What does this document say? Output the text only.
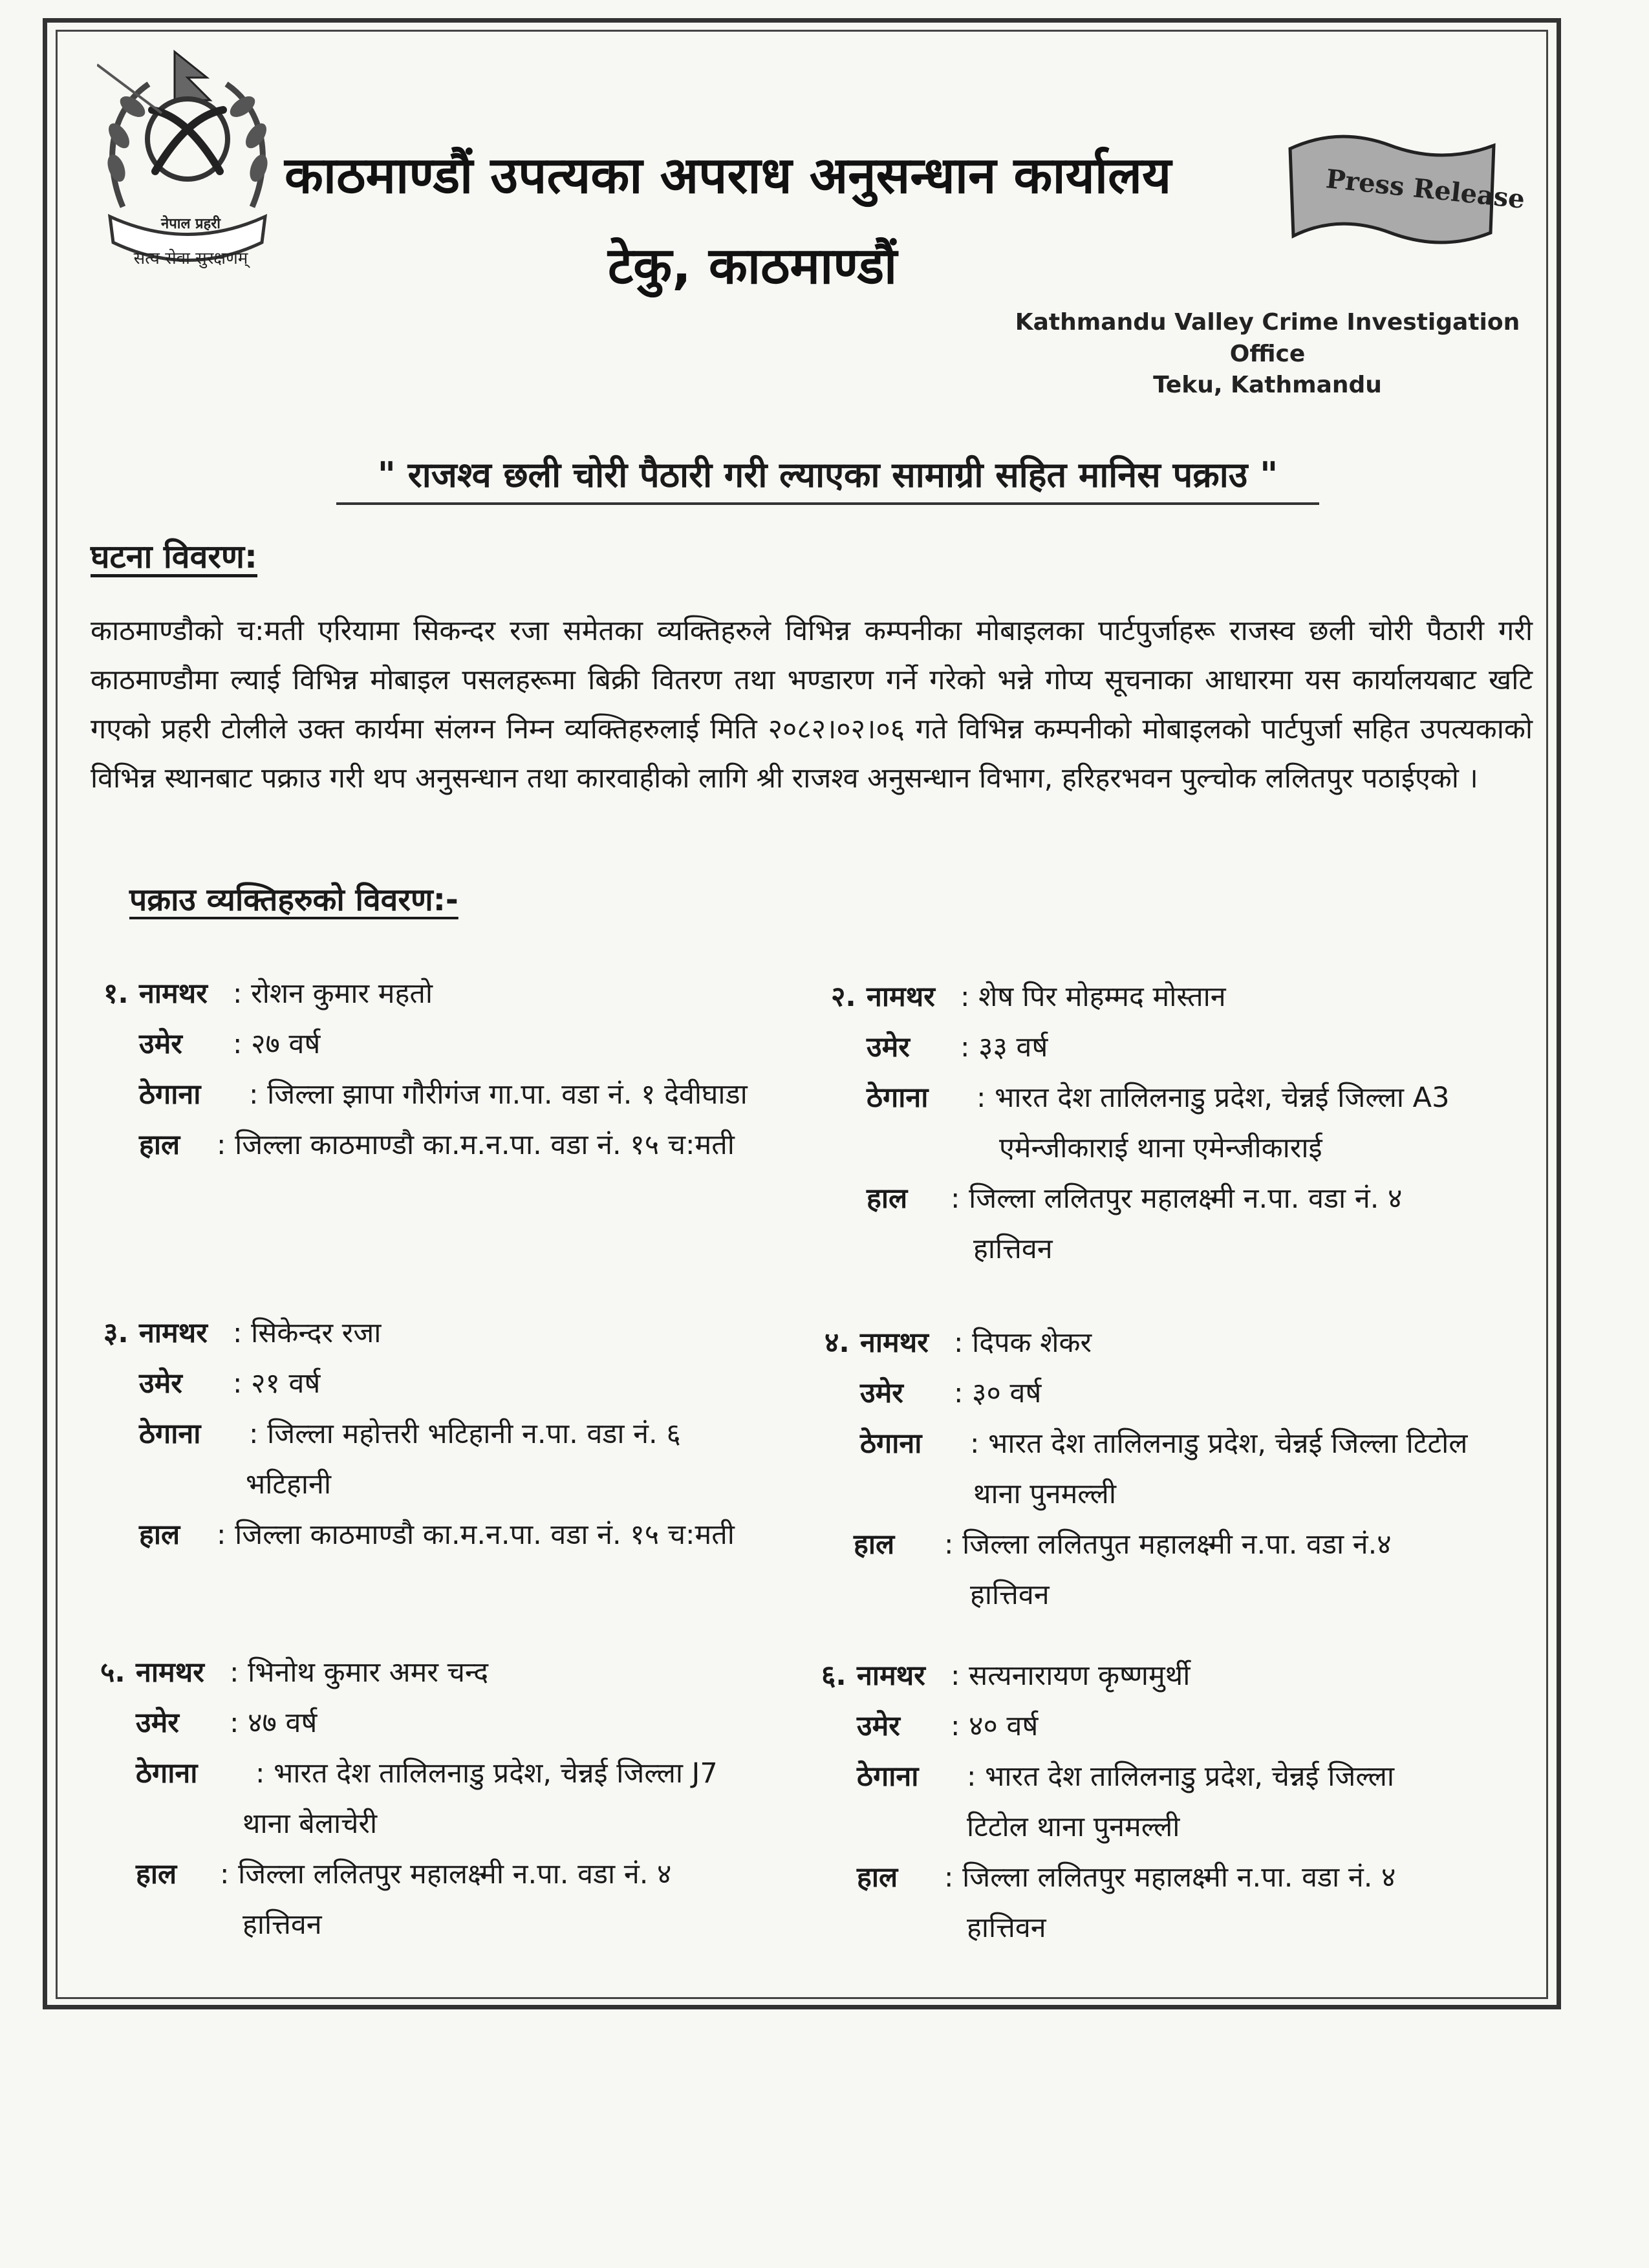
नेपाल प्रहरी
सत्य सेवा सुरक्षणम्
काठमाण्डौं उपत्यका अपराध अनुसन्धान कार्यालय
टेकु, काठमाण्डौं
Press Release
Kathmandu Valley Crime Investigation Office
Teku, Kathmandu
" राजश्व छली चोरी पैठारी गरी ल्याएका सामाग्री सहित मानिस पक्राउ "
घटना विवरण:
काठमाण्डौको च:मती एरियामा सिकन्दर रजा समेतका व्यक्तिहरुले विभिन्न कम्पनीका मोबाइलका पार्टपुर्जाहरू राजस्व छली चोरी पैठारी गरी काठमाण्डौमा ल्याई विभिन्न मोबाइल पसलहरूमा बिक्री वितरण तथा भण्डारण गर्ने गरेको भन्ने गोप्य सूचनाका आधारमा यस कार्यालयबाट खटि गएको प्रहरी टोलीले उक्त कार्यमा संलग्न निम्न व्यक्तिहरुलाई मिति २०८२।०२।०६ गते विभिन्न कम्पनीको मोबाइलको पार्टपुर्जा सहित उपत्यकाको विभिन्न स्थानबाट पक्राउ गरी थप अनुसन्धान तथा कारवाहीको लागि श्री राजश्व अनुसन्धान विभाग, हरिहरभवन पुल्चोक ललितपुर पठाईएको ।
पक्राउ व्यक्तिहरुको विवरण:-
१. नामथर : रोशन कुमार महतो
उमेर : २७ वर्ष
ठेगाना : जिल्ला झापा गौरीगंज गा.पा. वडा नं. १ देवीघाडा
हाल : जिल्ला काठमाण्डौ का.म.न.पा. वडा नं. १५ च:मती
२. नामथर : शेष पिर मोहम्मद मोस्तान
उमेर : ३३ वर्ष
ठेगाना : भारत देश तालिलनाडु प्रदेश, चेन्नई जिल्ला A3
एमेन्जीकाराई थाना एमेन्जीकाराई
हाल : जिल्ला ललितपुर महालक्ष्मी न.पा. वडा नं. ४
हात्तिवन
३. नामथर : सिकेन्दर रजा
उमेर : २१ वर्ष
ठेगाना : जिल्ला महोत्तरी भटिहानी न.पा. वडा नं. ६
भटिहानी
हाल : जिल्ला काठमाण्डौ का.म.न.पा. वडा नं. १५ च:मती
४. नामथर : दिपक शेकर
उमेर : ३० वर्ष
ठेगाना : भारत देश तालिलनाडु प्रदेश, चेन्नई जिल्ला टिटोल
थाना पुनमल्ली
हाल : जिल्ला ललितपुत महालक्ष्मी न.पा. वडा नं.४
हात्तिवन
५. नामथर : भिनोथ कुमार अमर चन्द
उमेर : ४७ वर्ष
ठेगाना : भारत देश तालिलनाडु प्रदेश, चेन्नई जिल्ला J7
थाना बेलाचेरी
हाल : जिल्ला ललितपुर महालक्ष्मी न.पा. वडा नं. ४
हात्तिवन
६. नामथर : सत्यनारायण कृष्णमुर्थी
उमेर : ४० वर्ष
ठेगाना : भारत देश तालिलनाडु प्रदेश, चेन्नई जिल्ला
टिटोल थाना पुनमल्ली
हाल : जिल्ला ललितपुर महालक्ष्मी न.पा. वडा नं. ४
हात्तिवन
